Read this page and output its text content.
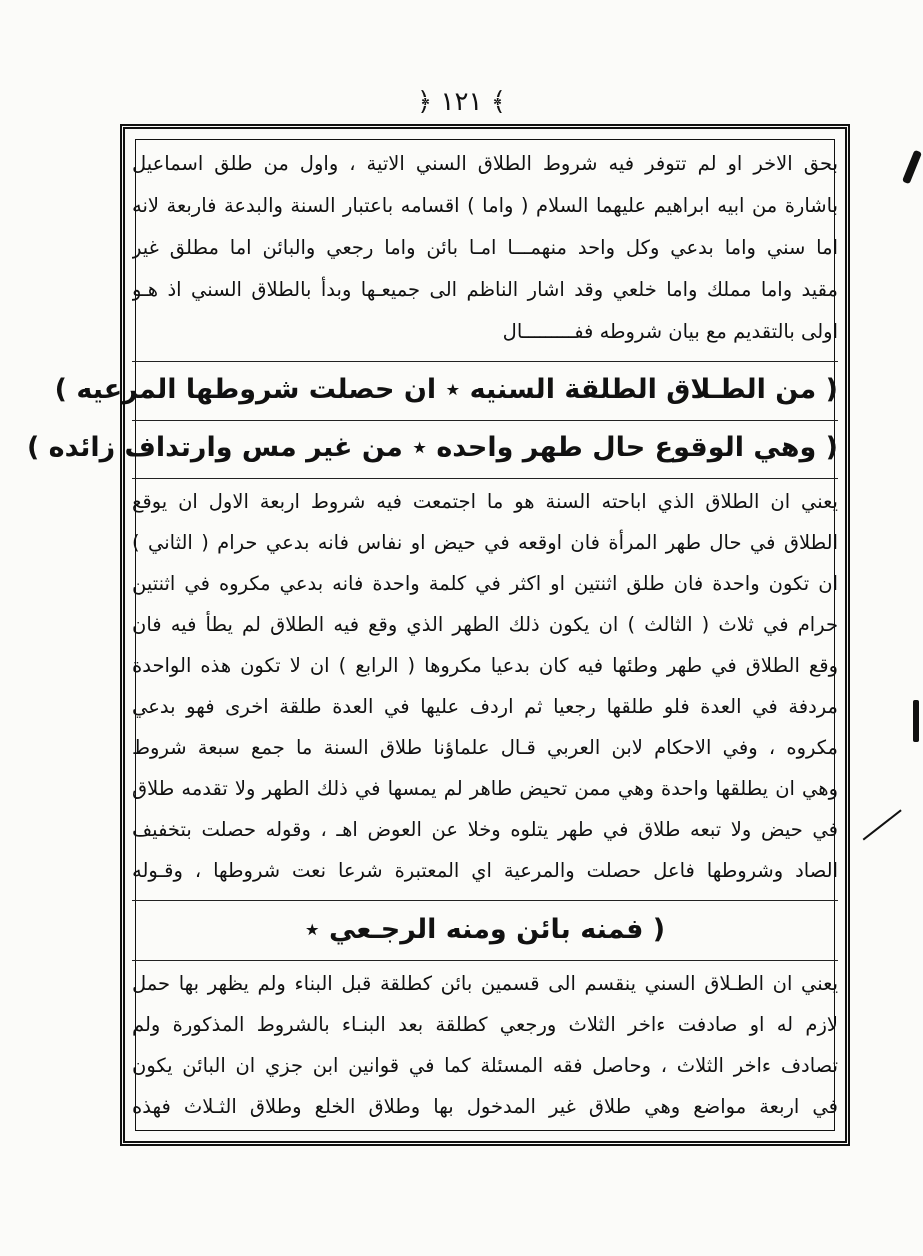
﴿ ١٢١ ﴾
بحق الاخر او لم تتوفر فيه شروط الطلاق السني الاتية ، واول من طلق اسماعيل
باشارة من ابيه ابراهيم عليهما السلام ( واما ) اقسامه باعتبار السنة والبدعة فاربعة لانه
اما سني واما بدعي وكل واحد منهمـــا امـا بائن واما رجعي والبائن اما مطلق غير
مقيد واما مملك واما خلعي وقد اشار الناظم الى جميعـها وبدأ بالطلاق السني اذ هـو
اولى بالتقديم مع بيان شروطه ففـــــــــال
( من الطـلاق الطلقة السنيه ٭ ان حصلت شروطها المرعيه )
( وهي الوقوع حال طهر واحده ٭ من غير مس وارتداف زائده )
يعني ان الطلاق الذي اباحته السنة هو ما اجتمعت فيه شروط اربعة الاول ان يوقع
الطلاق في حال طهر المرأة فان اوقعه في حيض او نفاس فانه بدعي حرام ( الثاني )
ان تكون واحدة فان طلق اثنتين او اكثر في كلمة واحدة فانه بدعي مكروه في اثنتين
حرام في ثلاث ( الثالث ) ان يكون ذلك الطهر الذي وقع فيه الطلاق لم يطأ فيه فان
وقع الطلاق في طهر وطئها فيه كان بدعيا مكروها ( الرابع ) ان لا تكون هذه الواحدة
مردفة في العدة فلو طلقها رجعيا ثم اردف عليها في العدة طلقة اخرى فهو بدعي
مكروه ، وفي الاحكام لابن العربي قـال علماؤنا طلاق السنة ما جمع سبعة شروط
وهي ان يطلقها واحدة وهي ممن تحيض طاهر لم يمسها في ذلك الطهر ولا تقدمه طلاق
في حيض ولا تبعه طلاق في طهر يتلوه وخلا عن العوض اهـ ، وقوله حصلت بتخفيف
الصاد وشروطها فاعل حصلت والمرعية اي المعتبرة شرعا نعت شروطها ، وقـوله
( فمنه بائن ومنه الرجـعي ٭
يعني ان الطـلاق السني ينقسم الى قسمين بائن كطلقة قبل البناء ولم يظهر بها حمل
لازم له او صادفت ءاخر الثلاث ورجعي كطلقة بعد البنـاء بالشروط المذكورة ولم
تصادف ءاخر الثلاث ، وحاصل فقه المسئلة كما في قوانين ابن جزي ان البائن يكون
في اربعة مواضع وهي طلاق غير المدخول بها وطلاق الخلع وطلاق الثـلاث فهذه
